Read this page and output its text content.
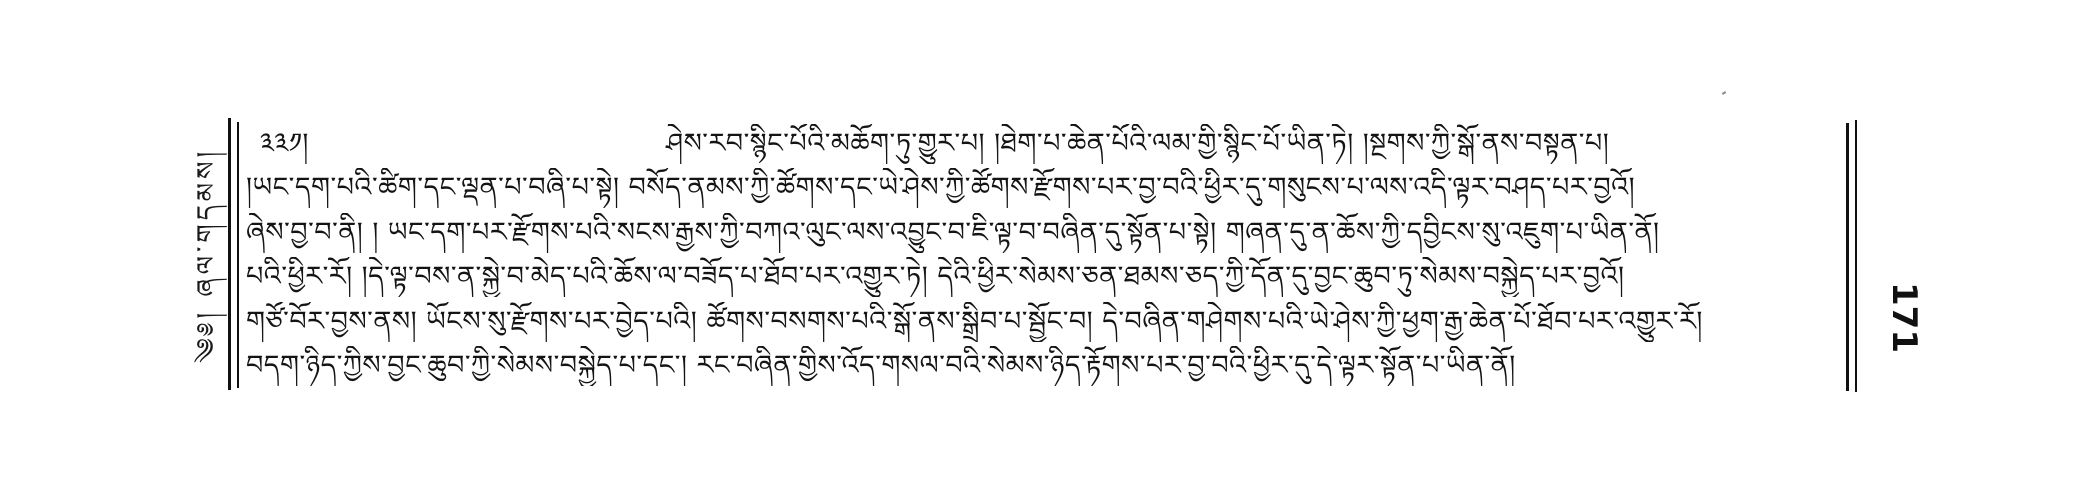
༄༅། ཞལ་གདམས།
༣༣༡།	ཤེས་རབ་སྙིང་པོའི་མཆོག་ཏུ་གྱུར་པ། །ཐེག་པ་ཆེན་པོའི་ལམ་གྱི་སྙིང་པོ་ཡིན་ཏེ། །སྔགས་ཀྱི་སྒོ་ནས་བསྟན་པ།
།ཡང་དག་པའི་ཚིག་དང་ལྡན་པ་བཞི་པ་སྟེ། བསོད་ནམས་ཀྱི་ཚོགས་དང་ཡེ་ཤེས་ཀྱི་ཚོགས་རྫོགས་པར་བྱ་བའི་ཕྱིར་དུ་གསུངས་པ་ལས་འདི་ལྟར་བཤད་པར་བྱའོ།
ཞེས་བྱ་བ་ནི། ། ཡང་དག་པར་རྫོགས་པའི་སངས་རྒྱས་ཀྱི་བཀའ་ལུང་ལས་འབྱུང་བ་ཇི་ལྟ་བ་བཞིན་དུ་སྟོན་པ་སྟེ། གཞན་དུ་ན་ཆོས་ཀྱི་དབྱིངས་སུ་འཇུག་པ་ཡིན་ནོ།
པའི་ཕྱིར་རོ། །དེ་ལྟ་བས་ན་སྐྱེ་བ་མེད་པའི་ཆོས་ལ་བཟོད་པ་ཐོབ་པར་འགྱུར་ཏེ། དེའི་ཕྱིར་སེམས་ཅན་ཐམས་ཅད་ཀྱི་དོན་དུ་བྱང་ཆུབ་ཏུ་སེམས་བསྐྱེད་པར་བྱའོ།
གཙོ་བོར་བྱས་ནས། ཡོངས་སུ་རྫོགས་པར་བྱེད་པའི། ཚོགས་བསགས་པའི་སྒོ་ནས་སྒྲིབ་པ་སྦྱོང་བ། དེ་བཞིན་གཤེགས་པའི་ཡེ་ཤེས་ཀྱི་ཕྱག་རྒྱ་ཆེན་པོ་ཐོབ་པར་འགྱུར་རོ།
བདག་ཉིད་ཀྱིས་བྱང་ཆུབ་ཀྱི་སེམས་བསྐྱེད་པ་དང་། རང་བཞིན་གྱིས་འོད་གསལ་བའི་སེམས་ཉིད་རྟོགས་པར་བྱ་བའི་ཕྱིར་དུ་དེ་ལྟར་སྟོན་པ་ཡིན་ནོ།
171
